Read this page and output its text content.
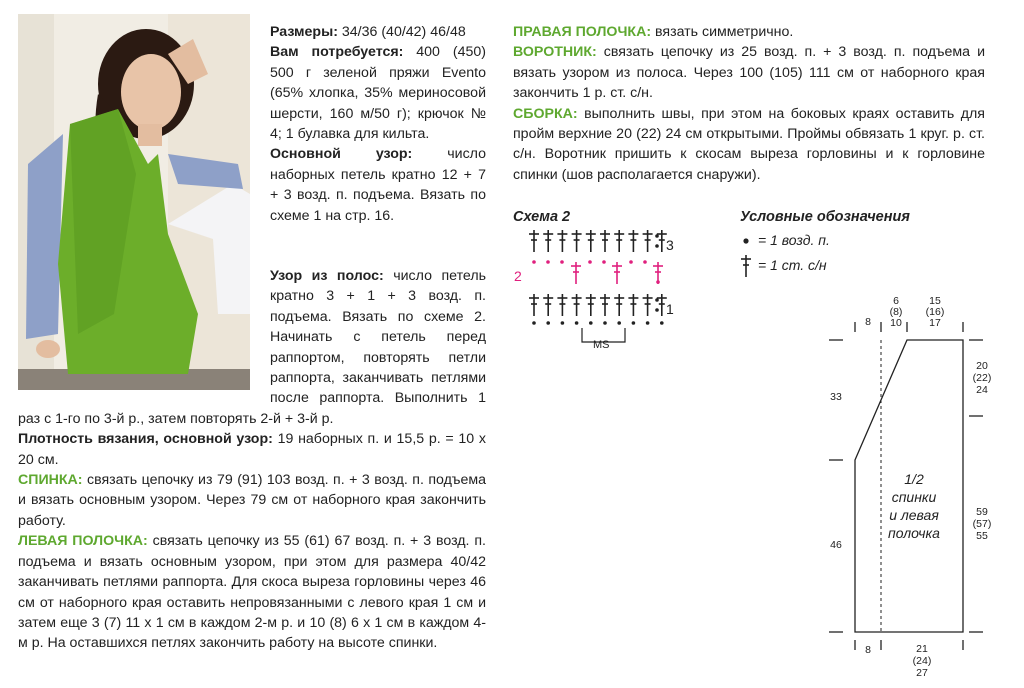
Размеры: 34/36 (40/42) 46/48

Вам потребуется: 400 (450) 500 г зеленой пряжи Evento (65% хлопка, 35% мериносовой шерсти, 160 м/50 г); крючок № 4; 1 булавка для кильта.

Основной узор: число наборных петель кратно 12 + 7 + 3 возд. п. подъема. Вязать по схеме 1 на стр. 16.

Узор из полос: число петель кратно 3 + 1 + 3 возд. п. подъема. Вязать по схеме 2. Начинать с петель перед раппортом, повторять петли раппорта, заканчивать петлями после раппорта. Выполнить 1 раз с 1-го по 3-й р., затем повторять 2-й + 3-й р.

Плотность вязания, основной узор: 19 наборных п. и 15,5 р. = 10 х 20 см.

СПИНКА: связать цепочку из 79 (91) 103 возд. п. + 3 возд. п. подъема и вязать основным узором. Через 79 см от наборного края закончить работу.

ЛЕВАЯ ПОЛОЧКА: связать цепочку из 55 (61) 67 возд. п. + 3 возд. п. подъема и вязать основным узором, при этом для размера 40/42 заканчивать петлями раппорта. Для скоса выреза горловины через 46 см от наборного края оставить непровязанными с левого края 1 см и затем еще 3 (7) 11 х 1 см в каждом 2-м р. и 10 (8) 6 х 1 см в каждом 4-м р. На оставшихся петлях закончить работу на высоте спинки.

ПРАВАЯ ПОЛОЧКА: вязать симметрично.

ВОРОТНИК: связать цепочку из 25 возд. п. + 3 возд. п. подъема и вязать узором из полоса. Через 100 (105) 111 см от наборного края закончить 1 р. ст. с/н.

СБОРКА: выполнить швы, при этом на боковых краях оставить для пройм верхние 20 (22) 24 см открытыми. Проймы обвязать 1 круг. р. ст. с/н. Воротник пришить к скосам выреза горловины и к горловине спинки (шов располагается снаружи).

Схема 2
3
2
1
MS
Условные обозначения
= 1 возд. п.
= 1 ст. с/н
8
6
(8)
10
15
(16)
17
20
(22)
24
59
(57)
55
33
46
8	21
(24)
27
1/2
спинки
и левая
полочка
